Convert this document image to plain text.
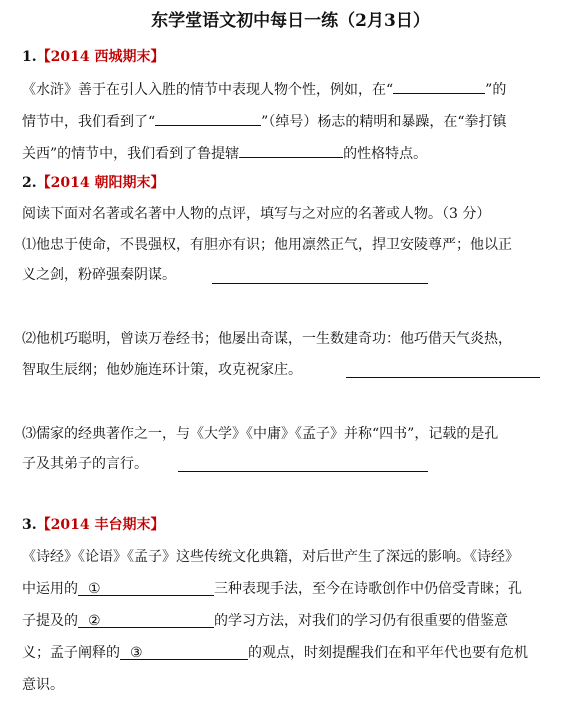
东学堂语文初中每日一练（2月3日）
1.【2014 西城期末】
《水浒》善于在引人入胜的情节中表现人物个性，例如，在“	”的
情节中，我们看到了“	”（绰号）杨志的精明和暴躁，在“拳打镇
关西”的情节中，我们看到了鲁提辖	的性格特点。
2.【2014 朝阳期末】
阅读下面对名著或名著中人物的点评，填写与之对应的名著或人物。（3 分）
⑴他忠于使命，不畏强权，有胆亦有识；他用凛然正气，捍卫安陵尊严；他以正
义之剑，粉碎强秦阴谋。
⑵他机巧聪明，曾读万卷经书；他屡出奇谋，一生数建奇功：他巧借天气炎热，
智取生辰纲；他妙施连环计策，攻克祝家庄。
⑶儒家的经典著作之一，与《大学》《中庸》《孟子》并称“四书”，记载的是孔
子及其弟子的言行。
3.【2014 丰台期末】
《诗经》《论语》《孟子》这些传统文化典籍，对后世产生了深远的影响。《诗经》
中运用的 ①	三种表现手法，至今在诗歌创作中仍倍受青睐；孔
子提及的 ②	的学习方法，对我们的学习仍有很重要的借鉴意
义；孟子阐释的 ③	的观点，时刻提醒我们在和平年代也要有危机
意识。
